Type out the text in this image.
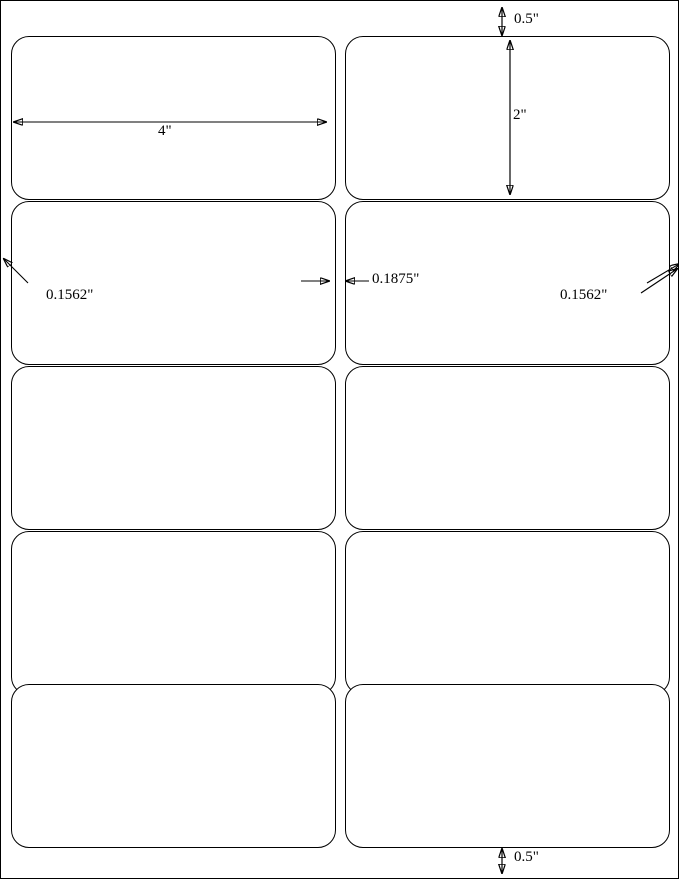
0.5"
4"
2"
0.1562"
0.1875"
0.1562"
0.5"
